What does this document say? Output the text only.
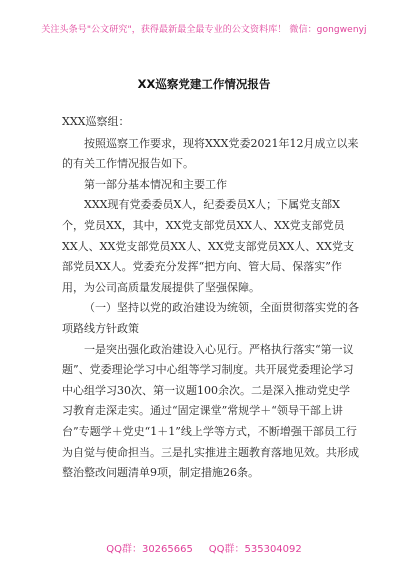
关注头条号"公文研究"，获得最新最全最专业的公文资料库！ 微信：gongwenyj
XX巡察党建工作情况报告

XXX巡察组：

按照巡察工作要求，现将XXX党委2021年12月成立以来的有关工作情况报告如下。

第一部分基本情况和主要工作

XXX现有党委委员X人，纪委委员X人；下属党支部X个，党员XX，其中，XX党支部党员XX人、XX党支部党员XX人、XX党支部党员XX人、XX党支部党员XX人、XX党支部党员XX人。党委充分发挥“把方向、管大局、保落实”作用，为公司高质量发展提供了坚强保障。

（一）坚持以党的政治建设为统领，全面贯彻落实党的各项路线方针政策

一是突出强化政治建设入心见行。严格执行落实“第一议题”、党委理论学习中心组等学习制度。共开展党委理论学习中心组学习30次、第一议题100余次。二是深入推动党史学习教育走深走实。通过“固定课堂”常规学＋“领导干部上讲台”专题学＋党史“1＋1”线上学等方式，不断增强干部员工行为自觉与使命担当。三是扎实推进主题教育落地见效。共形成整治整改问题清单9项，制定措施26条。

QQ群：30265665     QQ群：535304092
